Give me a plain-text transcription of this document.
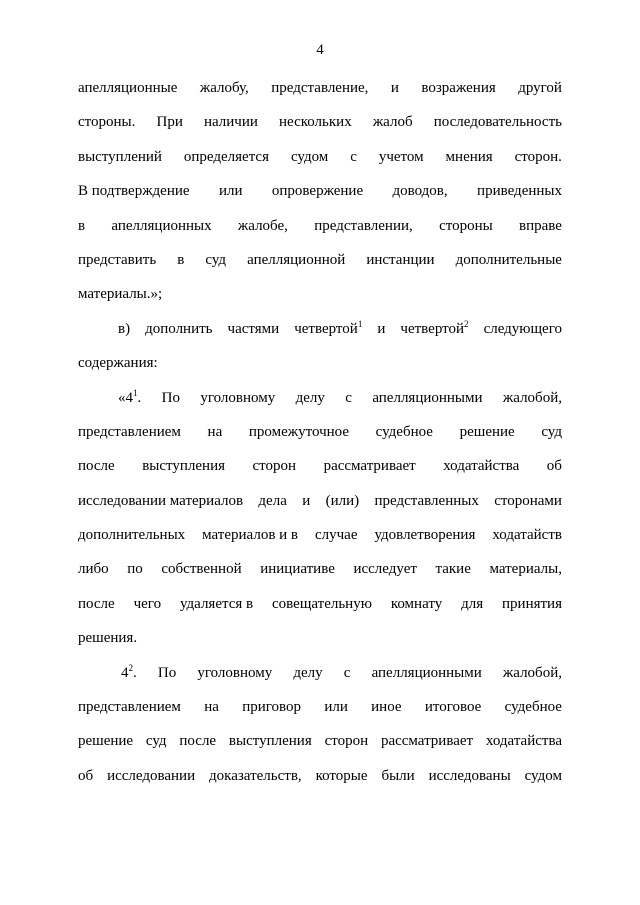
4
апелляционные жалобу, представление, и возражения другой
стороны. При наличии нескольких жалоб последовательность
выступлений определяется судом с учетом мнения сторон.
В подтверждение или опровержение доводов, приведенных
в апелляционных жалобе, представлении, стороны вправе
представить в суд апелляционной инстанции дополнительные
материалы.»;
в) дополнить частями четвертой$^1$ и четвертой$^2$ следующего
содержания:
«$4^1$. По уголовному делу с апелляционными жалобой,
представлением на промежуточное судебное решение суд
после выступления сторон рассматривает ходатайства об
исследовании материалов дела и (или) представленных сторонами
дополнительных материалов и в случае удовлетворения ходатайств
либо по собственной инициативе исследует такие материалы,
после чего удаляется в совещательную комнату для принятия
решения.
$4^2$. По уголовному делу с апелляционными жалобой,
представлением на приговор или иное итоговое судебное
решение суд после выступления сторон рассматривает ходатайства
об исследовании доказательств, которые были исследованы судом
